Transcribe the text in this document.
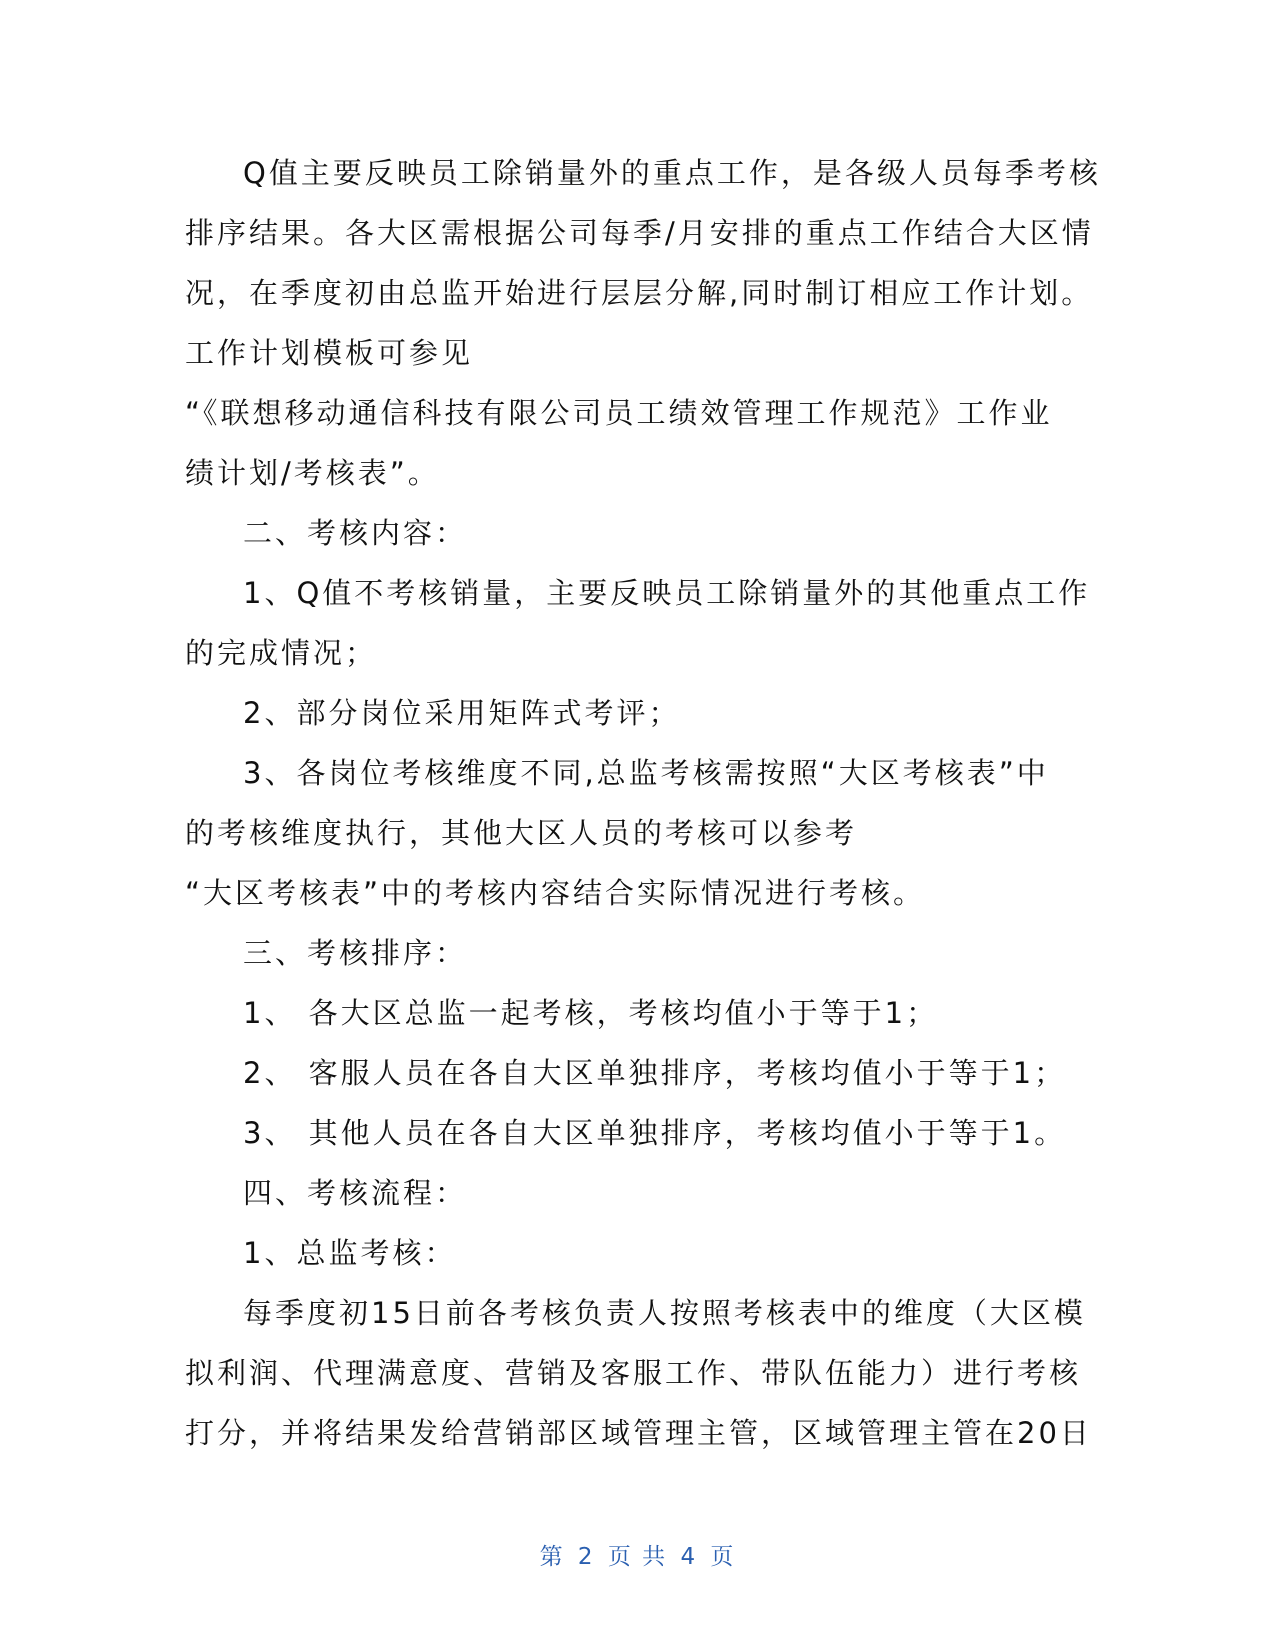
Q值主要反映员工除销量外的重点工作，是各级人员每季考核
排序结果。各大区需根据公司每季/月安排的重点工作结合大区情
况，在季度初由总监开始进行层层分解,同时制订相应工作计划。
工作计划模板可参见
“《联想移动通信科技有限公司员工绩效管理工作规范》工作业
绩计划/考核表”。
二、考核内容：
1、Q值不考核销量，主要反映员工除销量外的其他重点工作
的完成情况；
2、部分岗位采用矩阵式考评；
3、各岗位考核维度不同,总监考核需按照“大区考核表”中
的考核维度执行，其他大区人员的考核可以参考
“大区考核表”中的考核内容结合实际情况进行考核。
三、考核排序：
1、 各大区总监一起考核，考核均值小于等于1；
2、 客服人员在各自大区单独排序，考核均值小于等于1；
3、 其他人员在各自大区单独排序，考核均值小于等于1。
四、考核流程：
1、总监考核：
每季度初15日前各考核负责人按照考核表中的维度（大区模
拟利润、代理满意度、营销及客服工作、带队伍能力）进行考核
打分，并将结果发给营销部区域管理主管，区域管理主管在20日
第 2 页 共 4 页
